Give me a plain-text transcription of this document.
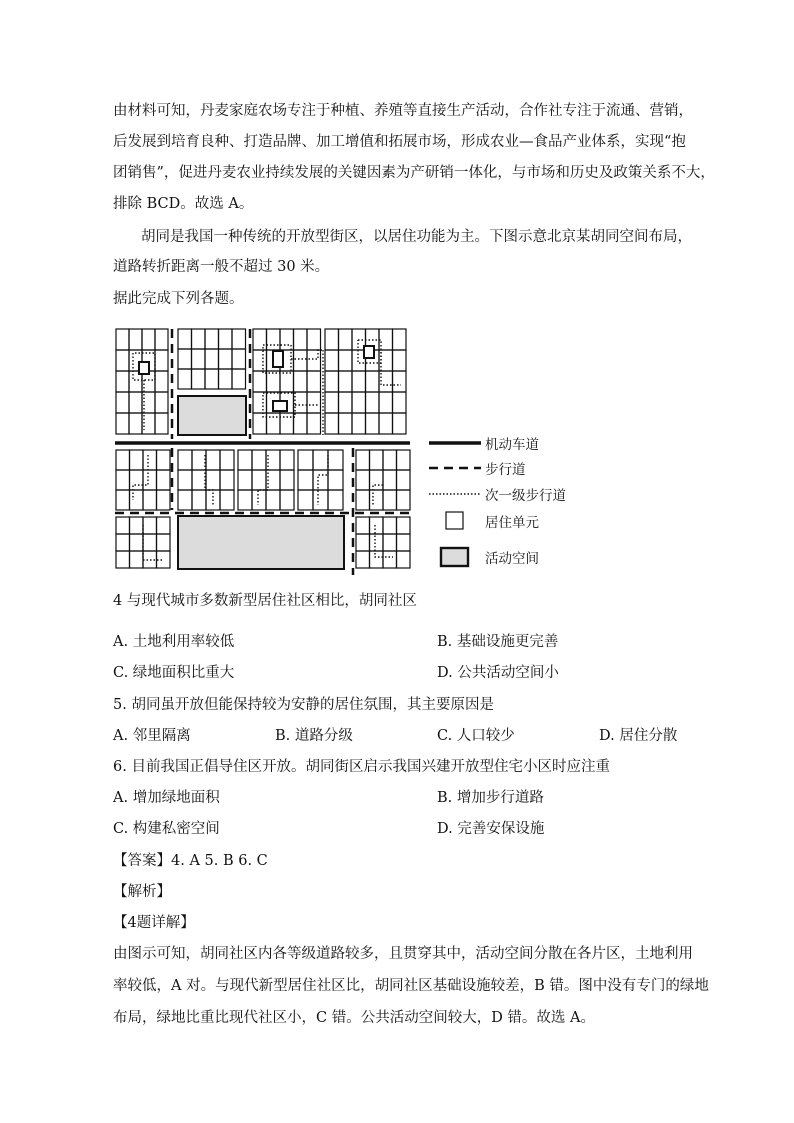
由材料可知，丹麦家庭农场专注于种植、养殖等直接生产活动，合作社专注于流通、营销，
后发展到培育良种、打造品牌、加工增值和拓展市场，形成农业—食品产业体系，实现“抱
团销售”，促进丹麦农业持续发展的关键因素为产研销一体化，与市场和历史及政策关系不大，
排除 BCD。故选 A。
胡同是我国一种传统的开放型街区，以居住功能为主。下图示意北京某胡同空间布局，
道路转折距离一般不超过 30 米。
据此完成下列各题。
机动车道
步行道
次一级步行道
居住单元
活动空间
4 与现代城市多数新型居住社区相比，胡同社区
A. 土地利用率较低	B. 基础设施更完善
C. 绿地面积比重大	D. 公共活动空间小
5. 胡同虽开放但能保持较为安静的居住氛围，其主要原因是
A. 邻里隔离	B. 道路分级	C. 人口较少	D. 居住分散
6. 目前我国正倡导住区开放。胡同街区启示我国兴建开放型住宅小区时应注重
A. 增加绿地面积	B. 增加步行道路
C. 构建私密空间	D. 完善安保设施
【答案】4. A 5. B 6. C
【解析】
【4题详解】
由图示可知，胡同社区内各等级道路较多，且贯穿其中，活动空间分散在各片区，土地利用
率较低，A 对。与现代新型居住社区比，胡同社区基础设施较差，B 错。图中没有专门的绿地
布局，绿地比重比现代社区小，C 错。公共活动空间较大，D 错。故选 A。
